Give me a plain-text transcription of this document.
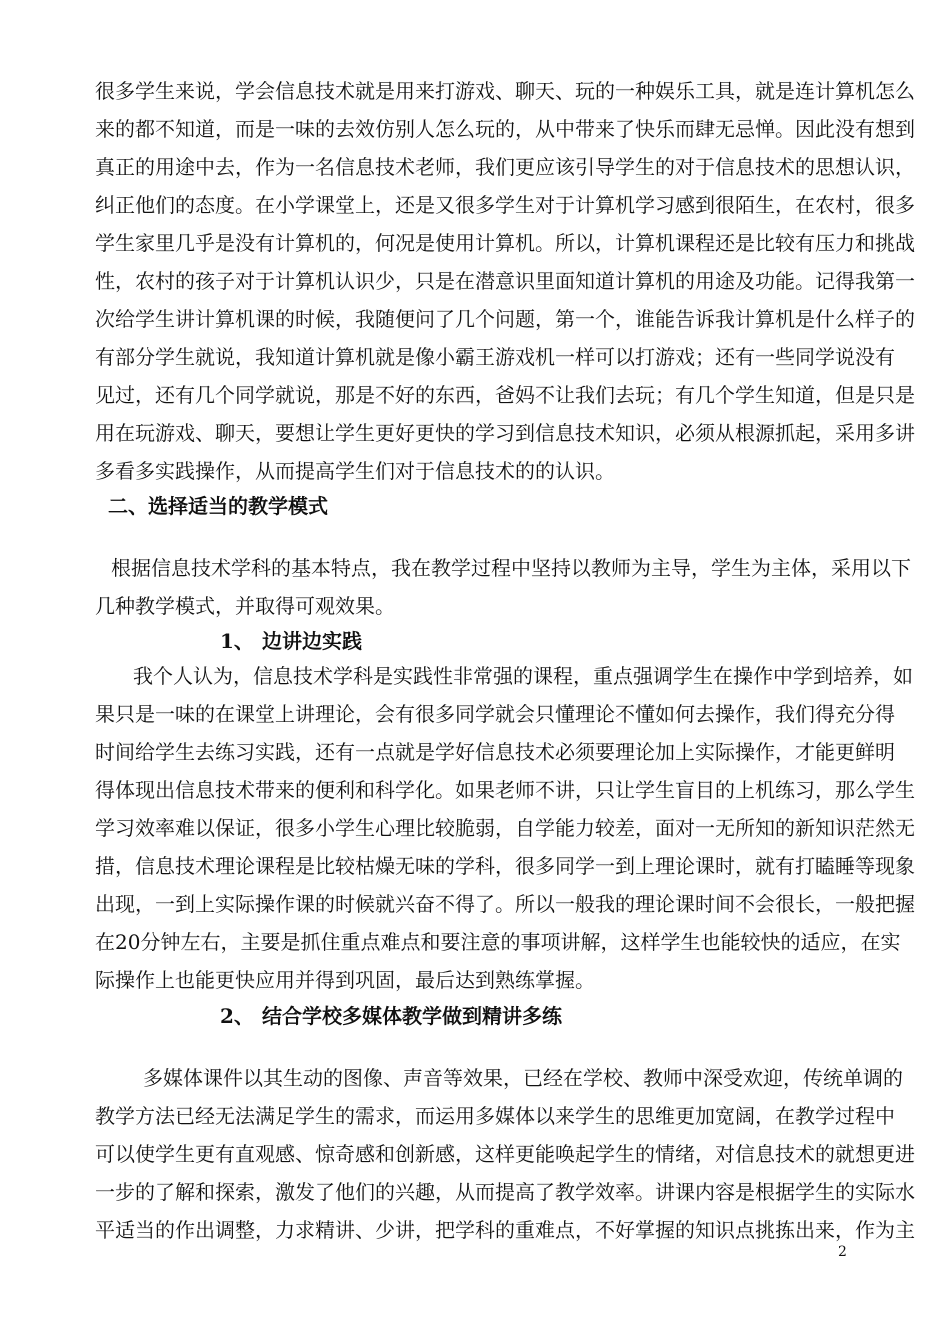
很多学生来说，学会信息技术就是用来打游戏、聊天、玩的一种娱乐工具，就是连计算机怎么
来的都不知道，而是一味的去效仿别人怎么玩的，从中带来了快乐而肆无忌惮。因此没有想到
真正的用途中去，作为一名信息技术老师，我们更应该引导学生的对于信息技术的思想认识，
纠正他们的态度。在小学课堂上，还是又很多学生对于计算机学习感到很陌生，在农村，很多
学生家里几乎是没有计算机的，何况是使用计算机。所以，计算机课程还是比较有压力和挑战
性，农村的孩子对于计算机认识少，只是在潜意识里面知道计算机的用途及功能。记得我第一
次给学生讲计算机课的时候，我随便问了几个问题，第一个，谁能告诉我计算机是什么样子的
有部分学生就说，我知道计算机就是像小霸王游戏机一样可以打游戏；还有一些同学说没有
见过，还有几个同学就说，那是不好的东西，爸妈不让我们去玩；有几个学生知道，但是只是
用在玩游戏、聊天，要想让学生更好更快的学习到信息技术知识，必须从根源抓起，采用多讲
多看多实践操作，从而提高学生们对于信息技术的的认识。
二、选择适当的教学模式
根据信息技术学科的基本特点，我在教学过程中坚持以教师为主导，学生为主体，采用以下
几种教学模式，并取得可观效果。
1、 边讲边实践
我个人认为，信息技术学科是实践性非常强的课程，重点强调学生在操作中学到培养，如
果只是一味的在课堂上讲理论，会有很多同学就会只懂理论不懂如何去操作，我们得充分得
时间给学生去练习实践，还有一点就是学好信息技术必须要理论加上实际操作，才能更鲜明
得体现出信息技术带来的便利和科学化。如果老师不讲，只让学生盲目的上机练习，那么学生
学习效率难以保证，很多小学生心理比较脆弱，自学能力较差，面对一无所知的新知识茫然无
措，信息技术理论课程是比较枯燥无味的学科，很多同学一到上理论课时，就有打瞌睡等现象
出现，一到上实际操作课的时候就兴奋不得了。所以一般我的理论课时间不会很长，一般把握
在20分钟左右，主要是抓住重点难点和要注意的事项讲解，这样学生也能较快的适应，在实
际操作上也能更快应用并得到巩固，最后达到熟练掌握。
2、 结合学校多媒体教学做到精讲多练
多媒体课件以其生动的图像、声音等效果，已经在学校、教师中深受欢迎，传统单调的
教学方法已经无法满足学生的需求，而运用多媒体以来学生的思维更加宽阔，在教学过程中
可以使学生更有直观感、惊奇感和创新感，这样更能唤起学生的情绪，对信息技术的就想更进
一步的了解和探索，激发了他们的兴趣，从而提高了教学效率。讲课内容是根据学生的实际水
平适当的作出调整，力求精讲、少讲，把学科的重难点，不好掌握的知识点挑拣出来，作为主
2
